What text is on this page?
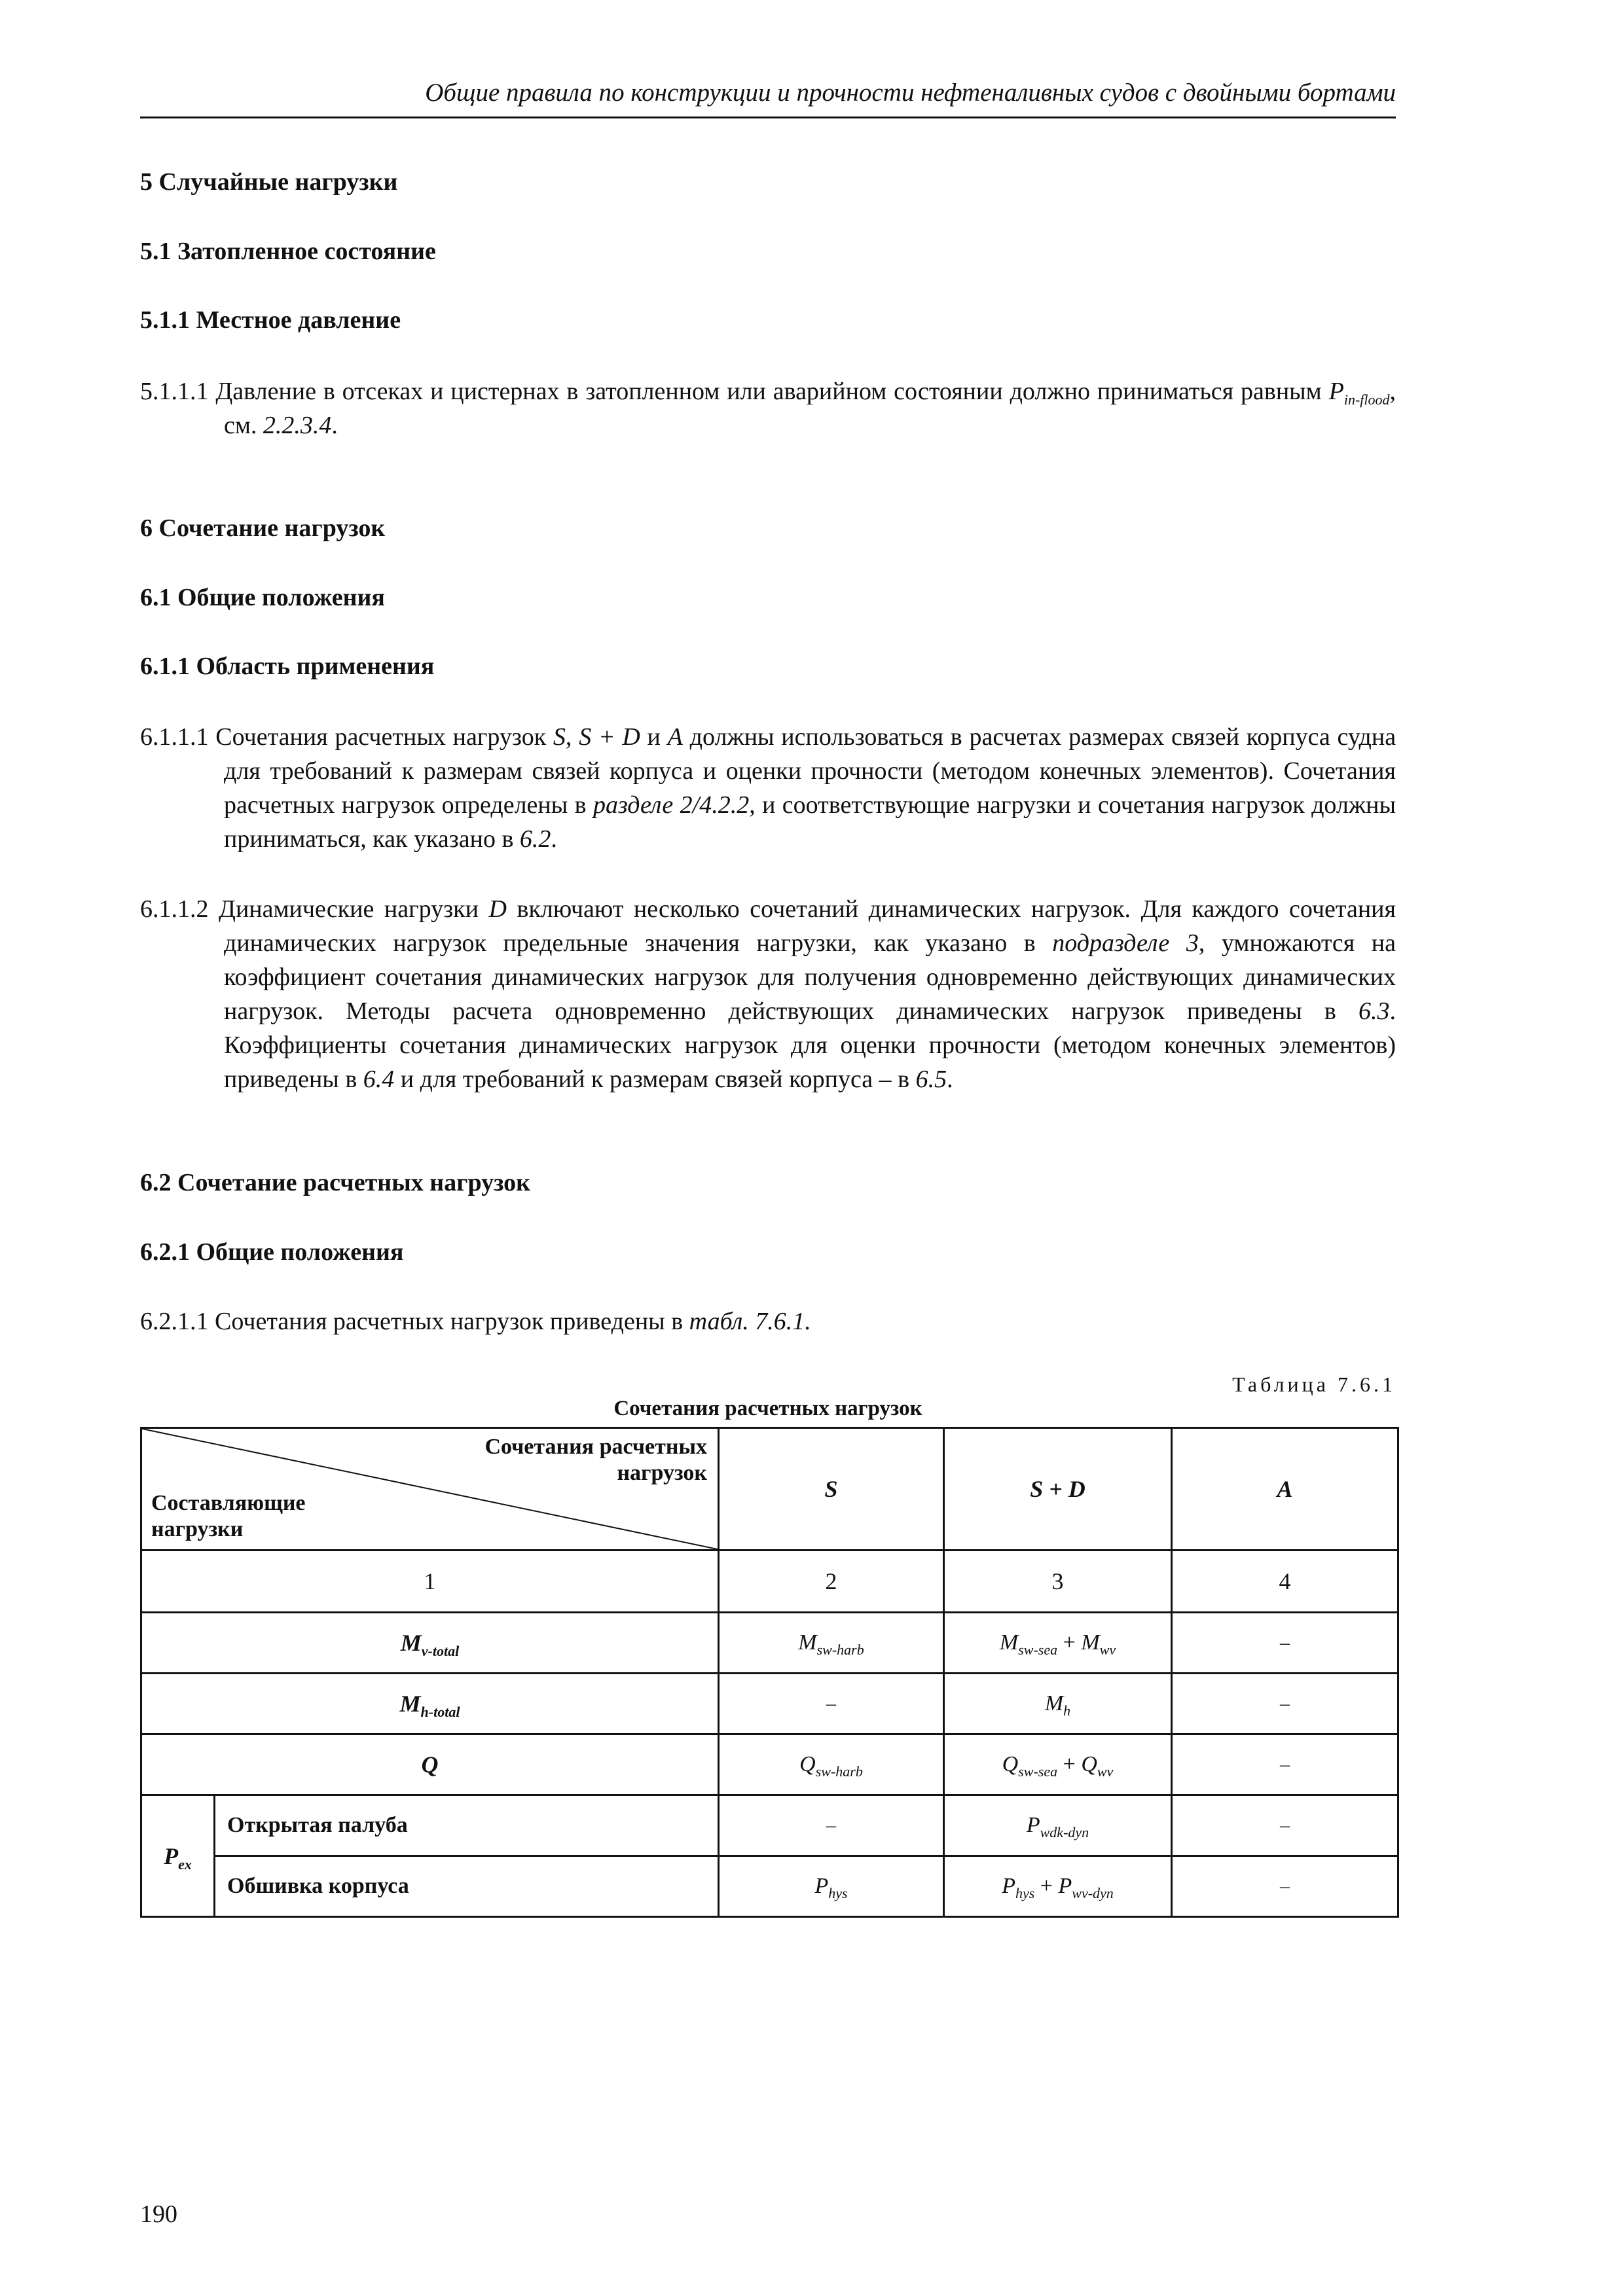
Общие правила по конструкции и прочности нефтеналивных судов с двойными бортами
5 Случайные нагрузки
5.1 Затопленное состояние
5.1.1 Местное давление
5.1.1.1 Давление в отсеках и цистернах в затопленном или аварийном состоянии должно приниматься равным $P_{in-flood}$, см. 2.2.3.4.
6 Сочетание нагрузок
6.1 Общие положения
6.1.1 Область применения
6.1.1.1 Сочетания расчетных нагрузок S, S + D и A должны использоваться в расчетах размерах связей корпуса судна для требований к размерам связей корпуса и оценки прочности (методом конечных элементов). Сочетания расчетных нагрузок определены в разделе 2/4.2.2, и соответствующие нагрузки и сочетания нагрузок должны приниматься, как указано в 6.2.
6.1.1.2 Динамические нагрузки D включают несколько сочетаний динамических нагрузок. Для каждого сочетания динамических нагрузок предельные значения нагрузки, как указано в подразделе 3, умножаются на коэффициент сочетания динамических нагрузок для получения одновременно действующих динамических нагрузок. Методы расчета одновременно действующих динамических нагрузок приведены в 6.3. Коэффициенты сочетания динамических нагрузок для оценки прочности (методом конечных элементов) приведены в 6.4 и для требований к размерам связей корпуса – в 6.5.
6.2 Сочетание расчетных нагрузок
6.2.1 Общие положения
6.2.1.1 Сочетания расчетных нагрузок приведены в табл. 7.6.1.
Таблица 7.6.1
Сочетания расчетных нагрузок
Сочетания расчетных
нагрузок
Составляющие
нагрузки		S	S + D	A
1		2	3	4
$M_{v-total}$		$M_{sw-harb}$	$M_{sw-sea} + M_{wv}$	–
$M_{h-total}$		–	$M_h$	–
Q		$Q_{sw-harb}$	$Q_{sw-sea} + Q_{wv}$	–
$P_{ex}$	Открытая палуба	–	$P_{wdk-dyn}$	–
	Обшивка корпуса	$P_{hys}$	$P_{hys} + P_{wv-dyn}$	–
190
